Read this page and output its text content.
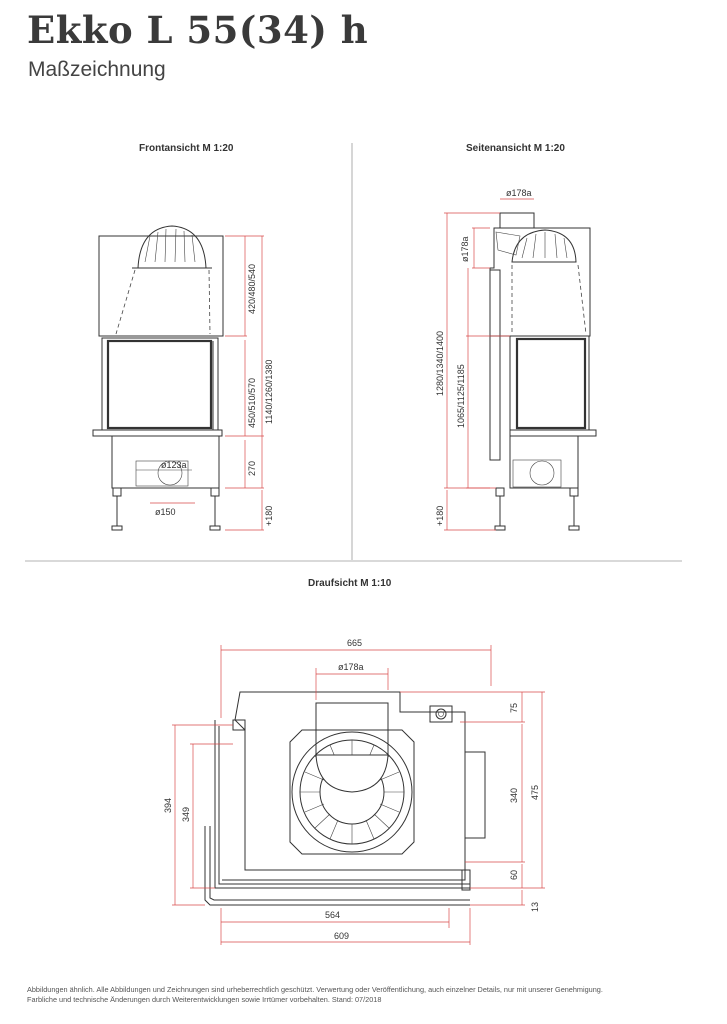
Ekko L 55(34) h
Maßzeichnung
Frontansicht M 1:20	Seitenansicht M 1:20
Draufsicht M 1:10
420/480/540
450/510/570 1140/1260/1380
270
+180
ø150
ø123a
ø178a
ø178a
1280/1340/1400
1065/1125/1185
+180
665
ø178a
75
340 475
60
13
394
349
564
609
Abbildungen ähnlich. Alle Abbildungen und Zeichnungen sind urheberrechtlich geschützt. Verwertung oder Veröffentlichung, auch einzelner Details, nur mit unserer Genehmigung.
Farbliche und technische Änderungen durch Weiterentwicklungen sowie Irrtümer vorbehalten. Stand: 07/2018
